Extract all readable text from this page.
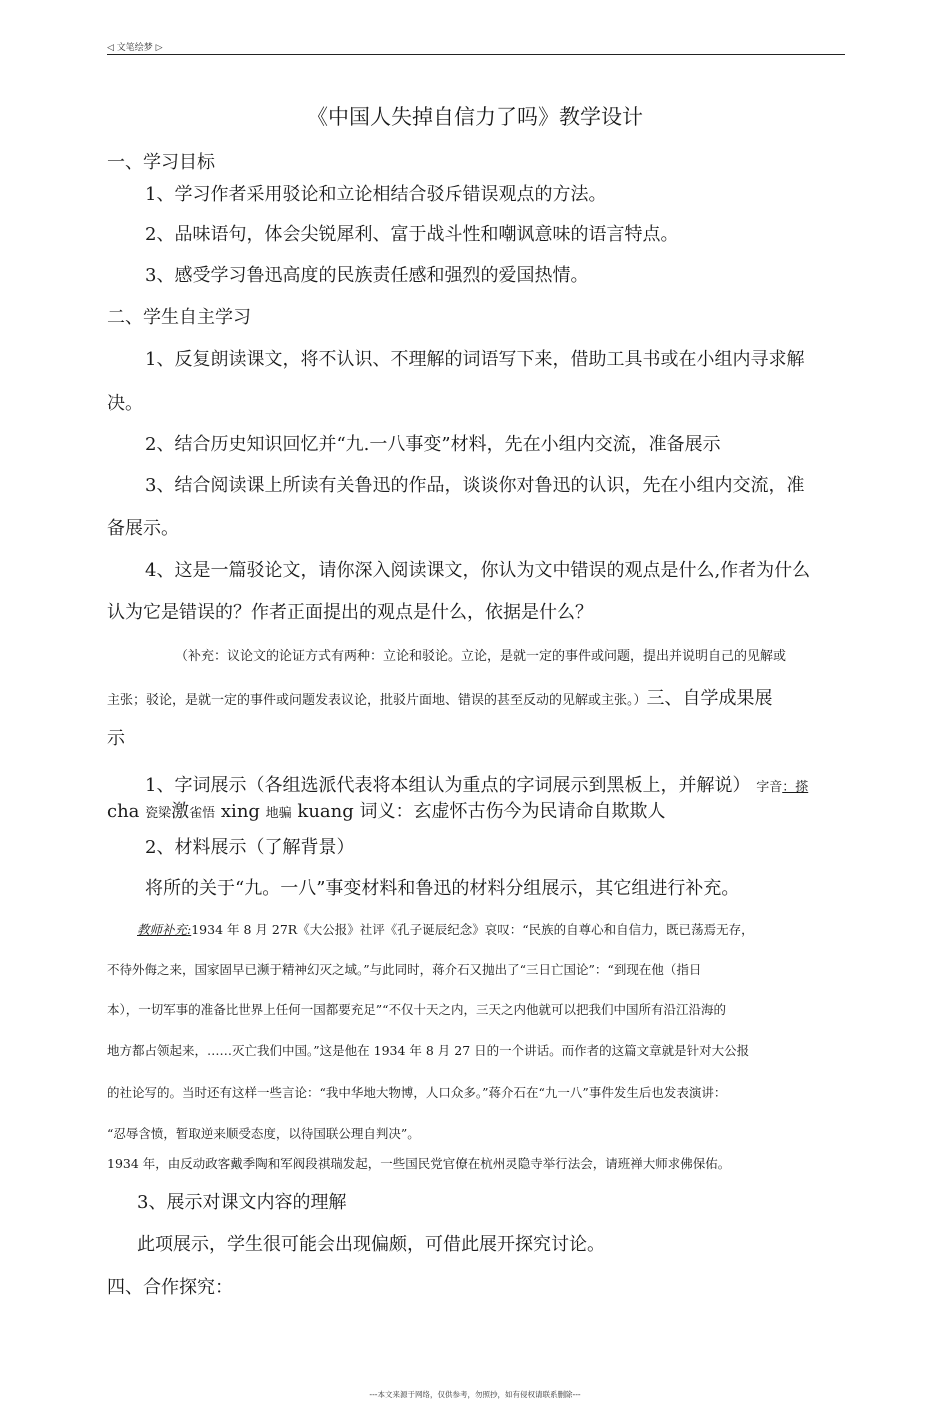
◁ 文笔绘梦 ▷
《中国人失掉自信力了吗》教学设计
一、学习目标
1、学习作者采用驳论和立论相结合驳斥错误观点的方法。
2、品味语句，体会尖锐犀利、富于战斗性和嘲讽意味的语言特点。
3、感受学习鲁迅高度的民族责任感和强烈的爱国热情。
二、学生自主学习
1、反复朗读课文，将不认识、不理解的词语写下来，借助工具书或在小组内寻求解
决。
2、结合历史知识回忆并“九.一八事变”材料，先在小组内交流，准备展示
3、结合阅读课上所读有关鲁迅的作品，谈谈你对鲁迅的认识，先在小组内交流，准
备展示。
4、这是一篇驳论文，请你深入阅读课文，你认为文中错误的观点是什么,作者为什么
认为它是错误的？作者正面提出的观点是什么，依据是什么？
（补充：议论文的论证方式有两种：立论和驳论。立论，是就一定的事件或问题，提出并说明自己的见解或
主张；驳论，是就一定的事件或问题发表议论，批驳片面地、错误的甚至反动的见解或主张。）三、自学成果展
示
1、字词展示（各组选派代表将本组认为重点的字词展示到黑板上，并解说） 字音：搽
cha 瓷梁激雀悟 xing 地骗 kuang 词义：玄虚怀古伤今为民请命自欺欺人
2、材料展示（了解背景）
将所的关于“九。一八”事变材料和鲁迅的材料分组展示，其它组进行补充。
教师补充:1934 年 8 月 27R《大公报》社评《孔子诞辰纪念》哀叹：“民族的自尊心和自信力，既已荡焉无存，
不待外侮之来，国家固早已濒于精神幻灭之域。”与此同时，蒋介石又抛出了“三日亡国论”：“到现在他（指日
本），一切军事的准备比世界上任何一国都要充足”“不仅十天之内，三天之内他就可以把我们中国所有沿江沿海的
地方都占领起来，……灭亡我们中国。”这是他在 1934 年 8 月 27 日的一个讲话。而作者的这篇文章就是针对大公报
的社论写的。当时还有这样一些言论：“我中华地大物博，人口众多。”蒋介石在“九一八”事件发生后也发表演讲：
“忍辱含愤，暂取逆来顺受态度，以待国联公理自判决”。
1934 年，由反动政客戴季陶和军阀段祺瑞发起，一些国民党官僚在杭州灵隐寺举行法会，请班禅大师求佛保佑。
3、展示对课文内容的理解
此项展示，学生很可能会出现偏颇，可借此展开探究讨论。
四、合作探究：
---本文来源于网络，仅供参考，勿照抄，如有侵权请联系删除---
